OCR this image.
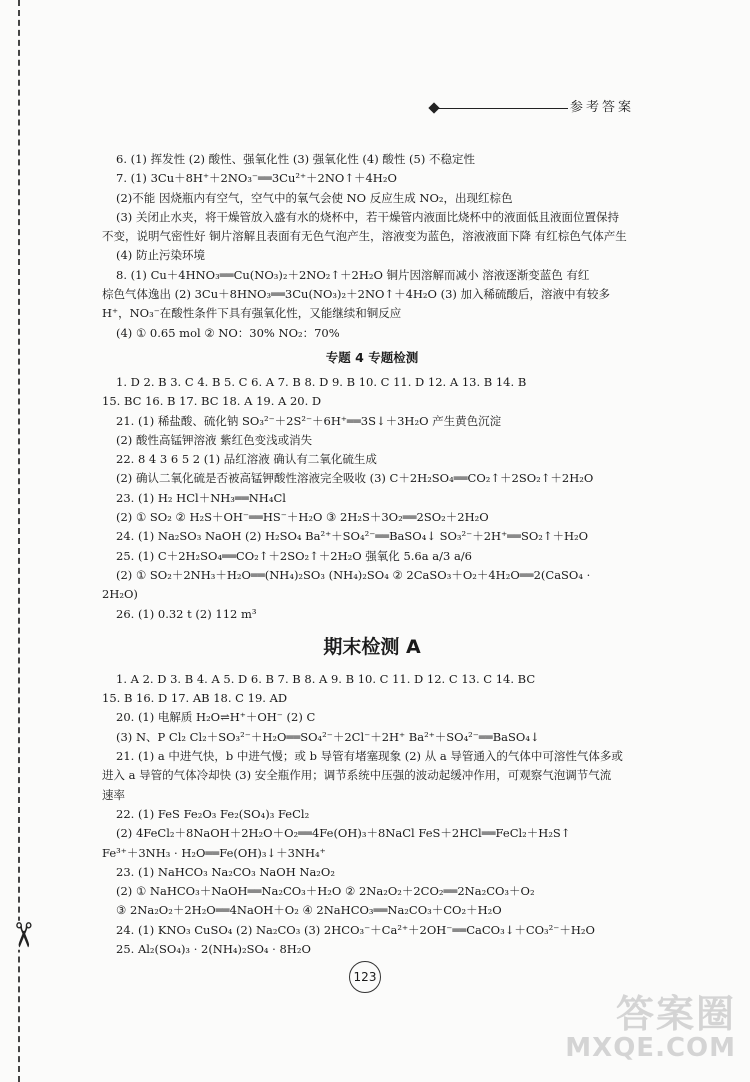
✂
参考答案
6. (1) 挥发性 (2) 酸性、强氧化性 (3) 强氧化性 (4) 酸性 (5) 不稳定性
7. (1) 3Cu＋8H⁺＋2NO₃⁻══3Cu²⁺＋2NO↑＋4H₂O
(2)不能 因烧瓶内有空气，空气中的氧气会使 NO 反应生成 NO₂，出现红棕色
(3) 关闭止水夹，将干燥管放入盛有水的烧杯中，若干燥管内液面比烧杯中的液面低且液面位置保持
不变，说明气密性好 铜片溶解且表面有无色气泡产生，溶液变为蓝色，溶液液面下降 有红棕色气体产生
(4) 防止污染环境
8. (1) Cu＋4HNO₃══Cu(NO₃)₂＋2NO₂↑＋2H₂O 铜片因溶解而减小 溶液逐渐变蓝色 有红
棕色气体逸出 (2) 3Cu＋8HNO₃══3Cu(NO₃)₂＋2NO↑＋4H₂O (3) 加入稀硫酸后，溶液中有较多
H⁺，NO₃⁻在酸性条件下具有强氧化性，又能继续和铜反应
(4) ① 0.65 mol ② NO：30% NO₂：70%
专题 4 专题检测
1. D 2. B 3. C 4. B 5. C 6. A 7. B 8. D 9. B 10. C 11. D 12. A 13. B 14. B
15. BC 16. B 17. BC 18. A 19. A 20. D
21. (1) 稀盐酸、硫化钠 SO₃²⁻＋2S²⁻＋6H⁺══3S↓＋3H₂O 产生黄色沉淀
(2) 酸性高锰钾溶液 紫红色变浅或消失
22. 8 4 3 6 5 2 (1) 品红溶液 确认有二氧化硫生成
(2) 确认二氧化硫是否被高锰钾酸性溶液完全吸收 (3) C＋2H₂SO₄══CO₂↑＋2SO₂↑＋2H₂O
23. (1) H₂ HCl＋NH₃══NH₄Cl
(2) ① SO₂ ② H₂S＋OH⁻══HS⁻＋H₂O ③ 2H₂S＋3O₂══2SO₂＋2H₂O
24. (1) Na₂SO₃ NaOH (2) H₂SO₄ Ba²⁺＋SO₄²⁻══BaSO₄↓ SO₃²⁻＋2H⁺══SO₂↑＋H₂O
25. (1) C＋2H₂SO₄══CO₂↑＋2SO₂↑＋2H₂O 强氧化 5.6a a/3 a/6
(2) ① SO₂＋2NH₃＋H₂O══(NH₄)₂SO₃ (NH₄)₂SO₄ ② 2CaSO₃＋O₂＋4H₂O══2(CaSO₄ ·
2H₂O)
26. (1) 0.32 t (2) 112 m³
期末检测 A
1. A 2. D 3. B 4. A 5. D 6. B 7. B 8. A 9. B 10. C 11. D 12. C 13. C 14. BC
15. B 16. D 17. AB 18. C 19. AD
20. (1) 电解质 H₂O⇌H⁺＋OH⁻ (2) C
(3) N、P Cl₂ Cl₂＋SO₃²⁻＋H₂O══SO₄²⁻＋2Cl⁻＋2H⁺ Ba²⁺＋SO₄²⁻══BaSO₄↓
21. (1) a 中进气快，b 中进气慢；或 b 导管有堵塞现象 (2) 从 a 导管通入的气体中可溶性气体多或
进入 a 导管的气体冷却快 (3) 安全瓶作用；调节系统中压强的波动起缓冲作用，可观察气泡调节气流
速率
22. (1) FeS Fe₂O₃ Fe₂(SO₄)₃ FeCl₂
(2) 4FeCl₂＋8NaOH＋2H₂O＋O₂══4Fe(OH)₃＋8NaCl FeS＋2HCl══FeCl₂＋H₂S↑
Fe³⁺＋3NH₃ · H₂O══Fe(OH)₃↓＋3NH₄⁺
23. (1) NaHCO₃ Na₂CO₃ NaOH Na₂O₂
(2) ① NaHCO₃＋NaOH══Na₂CO₃＋H₂O ② 2Na₂O₂＋2CO₂══2Na₂CO₃＋O₂
③ 2Na₂O₂＋2H₂O══4NaOH＋O₂ ④ 2NaHCO₃══Na₂CO₃＋CO₂＋H₂O
24. (1) KNO₃ CuSO₄ (2) Na₂CO₃ (3) 2HCO₃⁻＋Ca²⁺＋2OH⁻══CaCO₃↓＋CO₃²⁻＋H₂O
25. Al₂(SO₄)₃ · 2(NH₄)₂SO₄ · 8H₂O
123
答案圈
MXQE.COM
